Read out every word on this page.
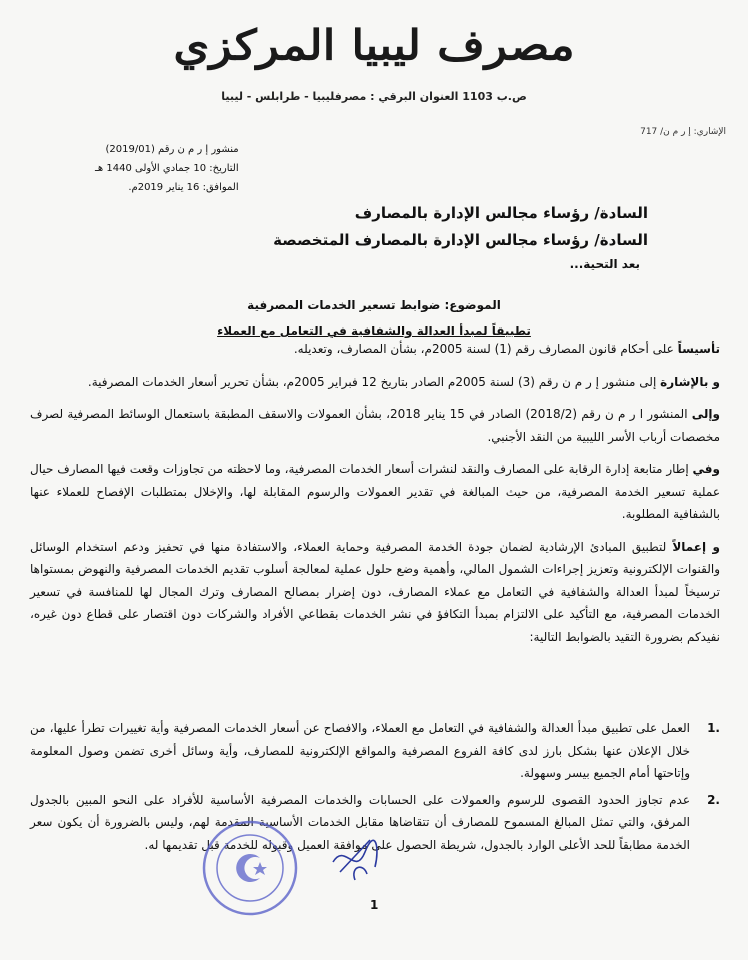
مصرف ليبيا المركزي
ص.ب 1103 العنوان البرقي : مصرفليبيا - طرابلس - ليبيا
الإشاري: إ ر م ن/ 717
منشور إ ر م ن رقم (2019/01)
التاريخ: 10 جمادي الأولى 1440 هـ
الموافق: 16 يناير 2019م.
السادة/ رؤساء مجالس الإدارة بالمصارف
السادة/ رؤساء مجالس الإدارة بالمصارف المتخصصة
بعد التحية...
الموضوع: ضوابط تسعير الخدمات المصرفية
تطبيقاً لمبدأ العدالة والشفافية في التعامل مع العملاء

تأسيساً على أحكام قانون المصارف رقم (1) لسنة 2005م، بشأن المصارف، وتعديله.

و بالإشارة إلى منشور إ ر م ن رقم (3) لسنة 2005م الصادر بتاريخ 12 فبراير 2005م، بشأن تحرير أسعار الخدمات المصرفية.

وإلى المنشور ا ر م ن رقم (2018/2) الصادر في 15 يناير 2018، بشأن العمولات والاسقف المطبقة باستعمال الوسائط المصرفية لصرف مخصصات أرباب الأسر الليبية من النقد الأجنبي.

وفي إطار متابعة إدارة الرقابة على المصارف والنقد لنشرات أسعار الخدمات المصرفية، وما لاحظته من تجاوزات وقعت فيها المصارف حيال عملية تسعير الخدمة المصرفية، من حيث المبالغة في تقدير العمولات والرسوم المقابلة لها، والإخلال بمتطلبات الإفصاح للعملاء عنها بالشفافية المطلوبة.

و إعمالاً لتطبيق المبادئ الإرشادية لضمان جودة الخدمة المصرفية وحماية العملاء، والاستفادة منها في تحفيز ودعم استخدام الوسائل والقنوات الإلكترونية وتعزيز إجراءات الشمول المالي، وأهمية وضع حلول عملية لمعالجة أسلوب تقديم الخدمات المصرفية والنهوض بمستواها ترسيخاً لمبدأ العدالة والشفافية في التعامل مع عملاء المصارف، دون إضرار بمصالح المصارف وترك المجال لها للمنافسة في تسعير الخدمات المصرفية، مع التأكيد على الالتزام بمبدأ التكافؤ في نشر الخدمات بقطاعي الأفراد والشركات دون اقتصار على قطاع دون غيره، نفيدكم بضرورة التقيد بالضوابط التالية:

1.
العمل على تطبيق مبدأ العدالة والشفافية في التعامل مع العملاء، والافصاح عن أسعار الخدمات المصرفية وأية تغييرات تطرأ عليها، من خلال الإعلان عنها بشكل بارز لدى كافة الفروع المصرفية والمواقع الإلكترونية للمصارف، وأية وسائل أخرى تضمن وصول المعلومة وإتاحتها أمام الجميع بيسر وسهولة.
2.
عدم تجاوز الحدود القصوى للرسوم والعمولات على الحسابات والخدمات المصرفية الأساسية للأفراد على النحو المبين بالجدول المرفق، والتي تمثل المبالغ المسموح للمصارف أن تتقاضاها مقابل الخدمات الأساسية المقدمة لهم، وليس بالضرورة أن يكون سعر الخدمة مطابقاً للحد الأعلى الوارد بالجدول، شريطة الحصول على موافقة العميل وقبوله للخدمة قبل تقديمها له.
1
